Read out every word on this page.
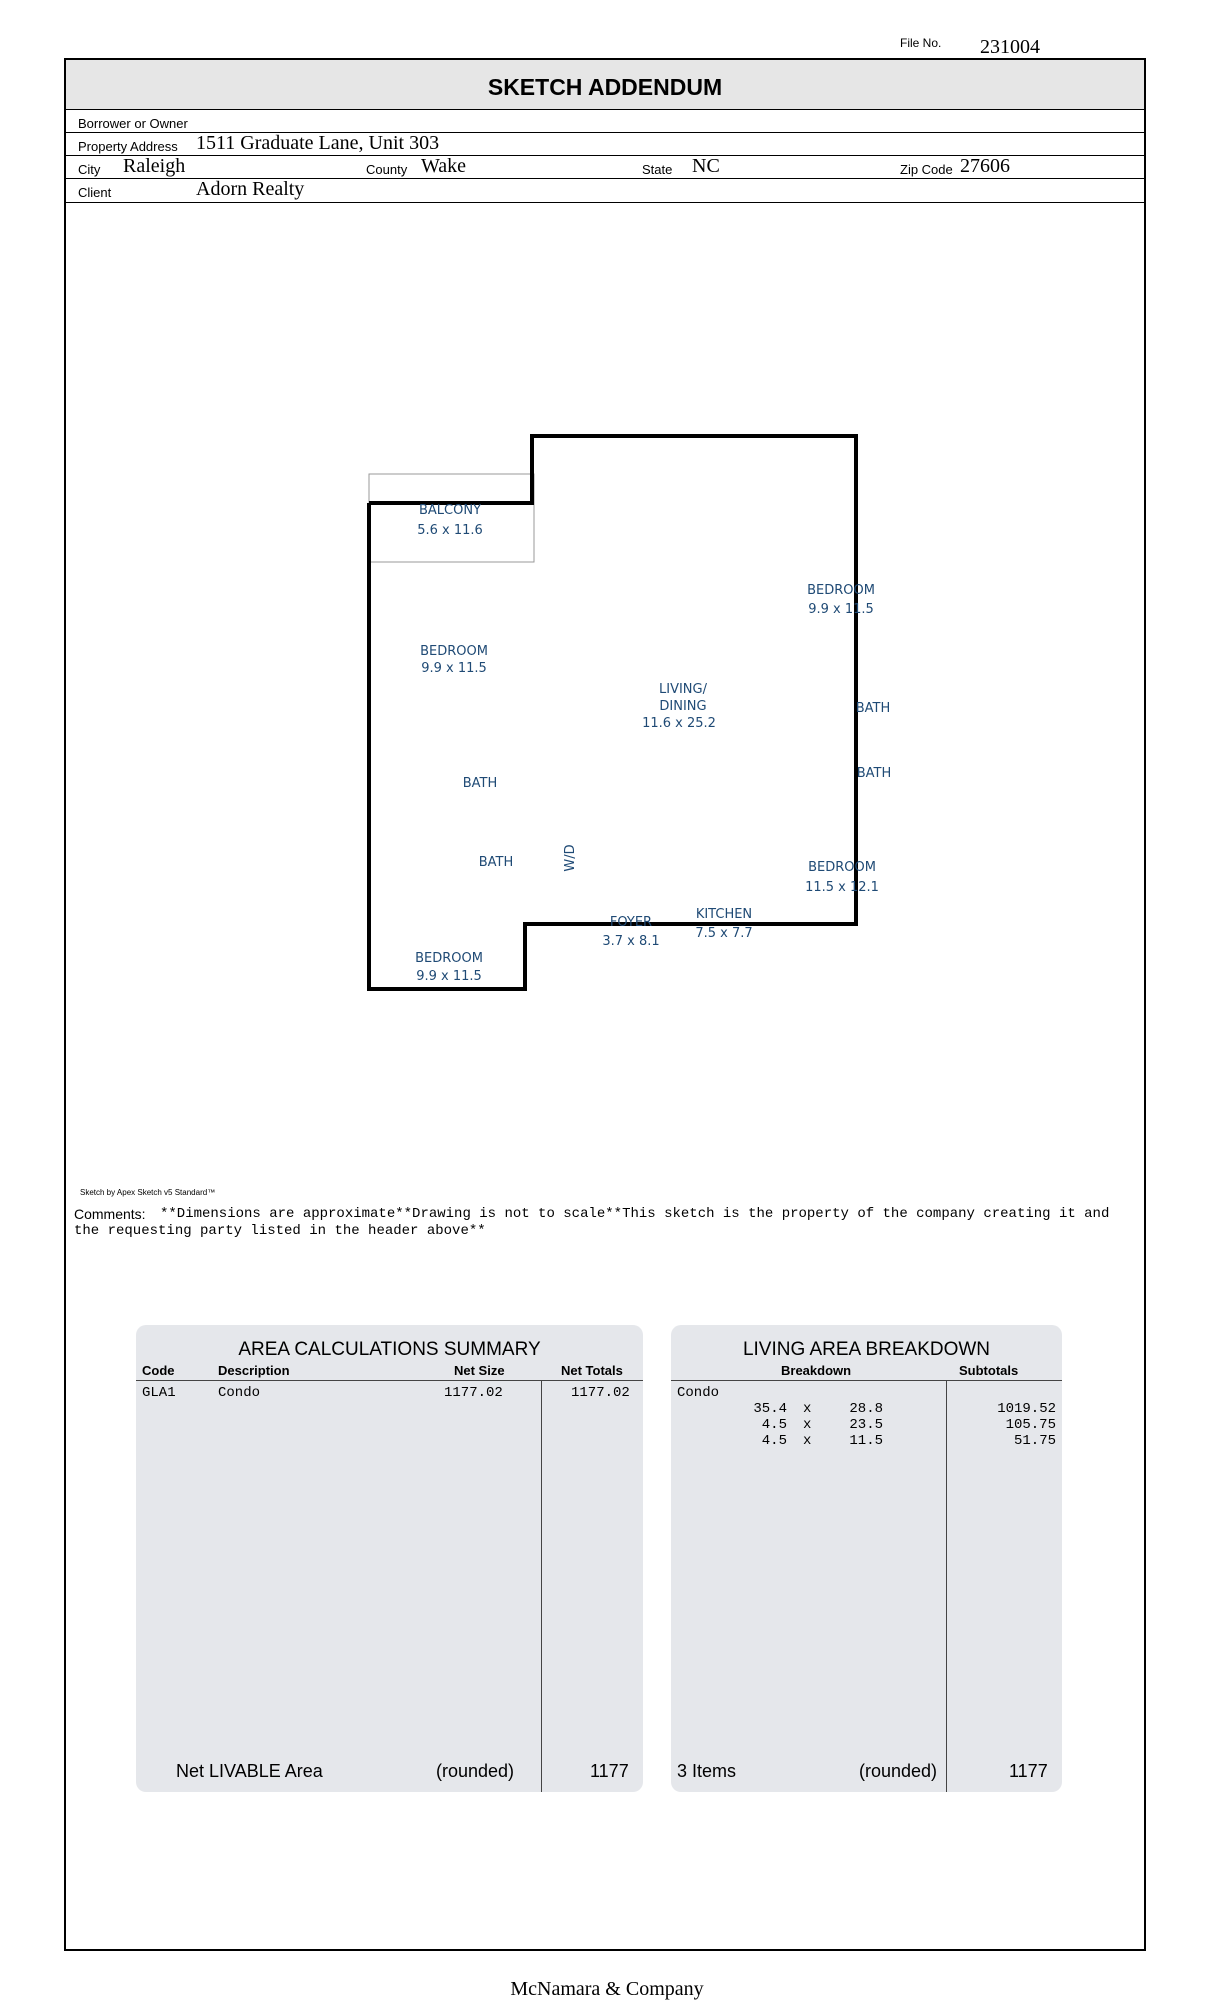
File No. 231004
SKETCH ADDENDUM
Borrower or Owner
Property Address 1511 Graduate Lane, Unit 303
City Raleigh	County Wake	State NC	Zip Code 27606
Client	Adorn Realty
BALCONY
5.6 x 11.6
BEDROOM
9.9 x 11.5
BEDROOM
9.9 x 11.5
LIVING/
DINING
11.6 x 25.2
BATH
BATH
BATH
BATH	W/D	BEDROOM
11.5 x 12.1
FOYER
3.7 x 8.1
KITCHEN
7.5 x 7.7
BEDROOM
9.9 x 11.5
Sketch by Apex Sketch v5 Standard™
Comments:	**Dimensions are approximate**Drawing is not to scale**This sketch is the property of the company creating it and the requesting party listed in the header above**
AREA CALCULATIONS SUMMARY
Code	Description	Net Size	Net Totals
GLA1	Condo	1177.02	1177.02
Net LIVABLE Area	(rounded)	1177
LIVING AREA BREAKDOWN
Breakdown	Subtotals
Condo
35.4 x	28.8	1019.52
4.5 x	23.5	105.75
4.5 x	11.5	51.75
3 Items	(rounded)	1177
McNamara & Company
